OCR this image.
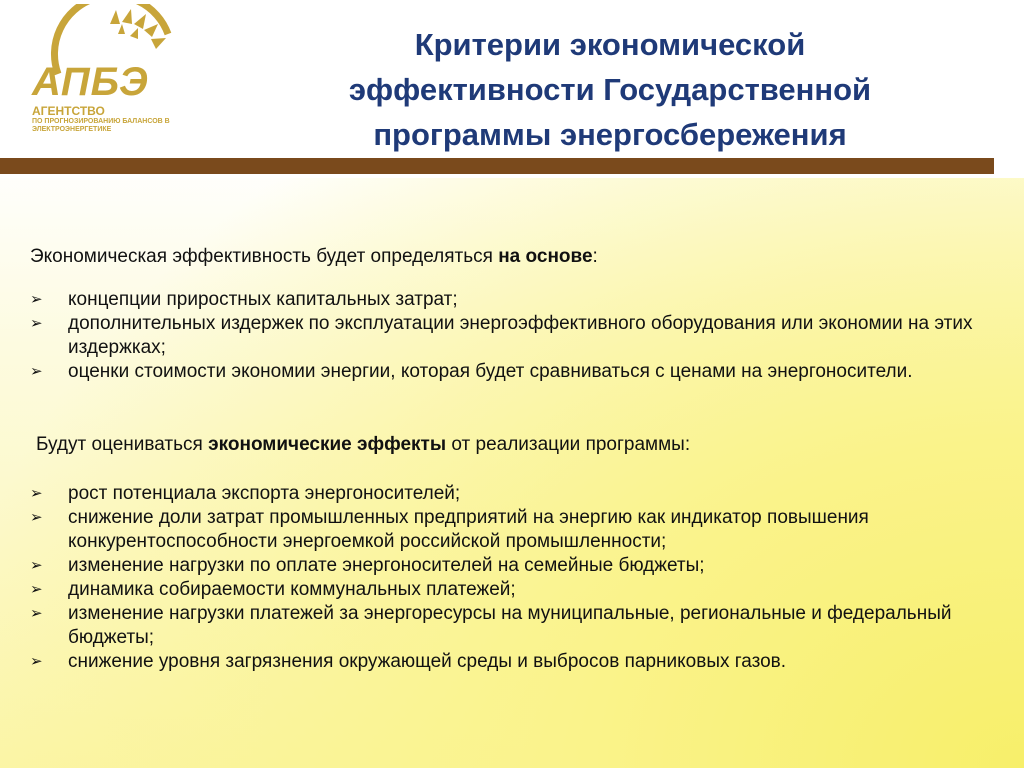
АПБЭ
АГЕНТСТВО
ПО ПРОГНОЗИРОВАНИЮ БАЛАНСОВ В ЭЛЕКТРОЭНЕРГЕТИКЕ
Критерии экономической
эффективности Государственной
программы энергосбережения
Экономическая эффективность будет определяться на основе:
➢ концепции приростных капитальных затрат;
➢ дополнительных издержек по эксплуатации энергоэффективного оборудования или экономии на этих издержках;
➢ оценки стоимости экономии энергии, которая будет сравниваться с ценами на энергоносители.
Будут оцениваться экономические эффекты от реализации программы:
➢ рост потенциала экспорта энергоносителей;
➢ снижение доли затрат промышленных предприятий на энергию как индикатор повышения конкурентоспособности энергоемкой российской промышленности;
➢ изменение нагрузки по оплате энергоносителей на семейные бюджеты;
➢ динамика собираемости коммунальных платежей;
➢ изменение нагрузки платежей за энергоресурсы на муниципальные, региональные и федеральный бюджеты;
➢ снижение уровня загрязнения окружающей среды и выбросов парниковых газов.
